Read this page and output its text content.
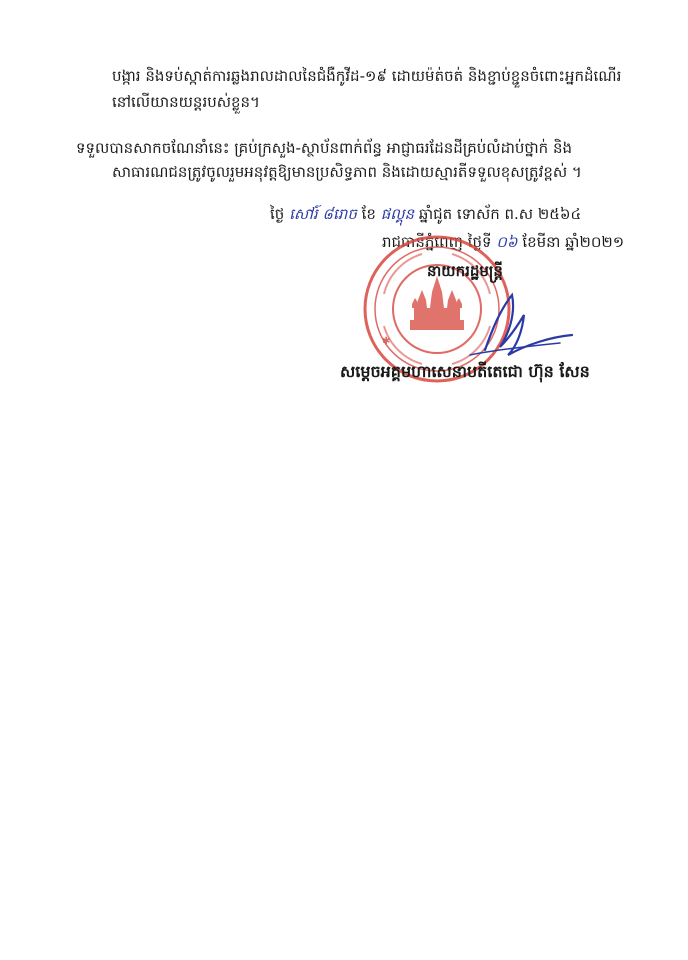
បង្ការ និងទប់ស្កាត់ការឆ្លងរាលដាលនៃជំងឺកូវីដ-១៩ ដោយម៉ត់ចត់ និងខ្ជាប់ខ្ជួនចំពោះអ្នកដំណើរ
នៅលើយានយន្តរបស់ខ្លួន។
ទទួលបានសាកចណែនាំនេះ គ្រប់ក្រសួង-ស្ថាប័នពាក់ព័ន្ធ អាជ្ញាធរដែនដីគ្រប់លំដាប់ថ្នាក់ និង
សាធារណជនត្រូវចូលរួមអនុវត្តឱ្យមានប្រសិទ្ធភាព និងដោយស្មារតីទទួលខុសត្រូវខ្ពស់ ។
ថ្ងៃ សៅរ៍ ៨រោច ខែ ផល្គុន ឆ្នាំជូត ទោស័ក ព.ស ២៥៦៤
រាជធានីភ្នំពេញ ថ្ងៃទី ០៦ ខែមីនា ឆ្នាំ២០២១
✱
នាយករដ្ឋមន្ត្រី
សម្តេចអគ្គមហាសេនាបតីតេជោ ហ៊ុន សែន
